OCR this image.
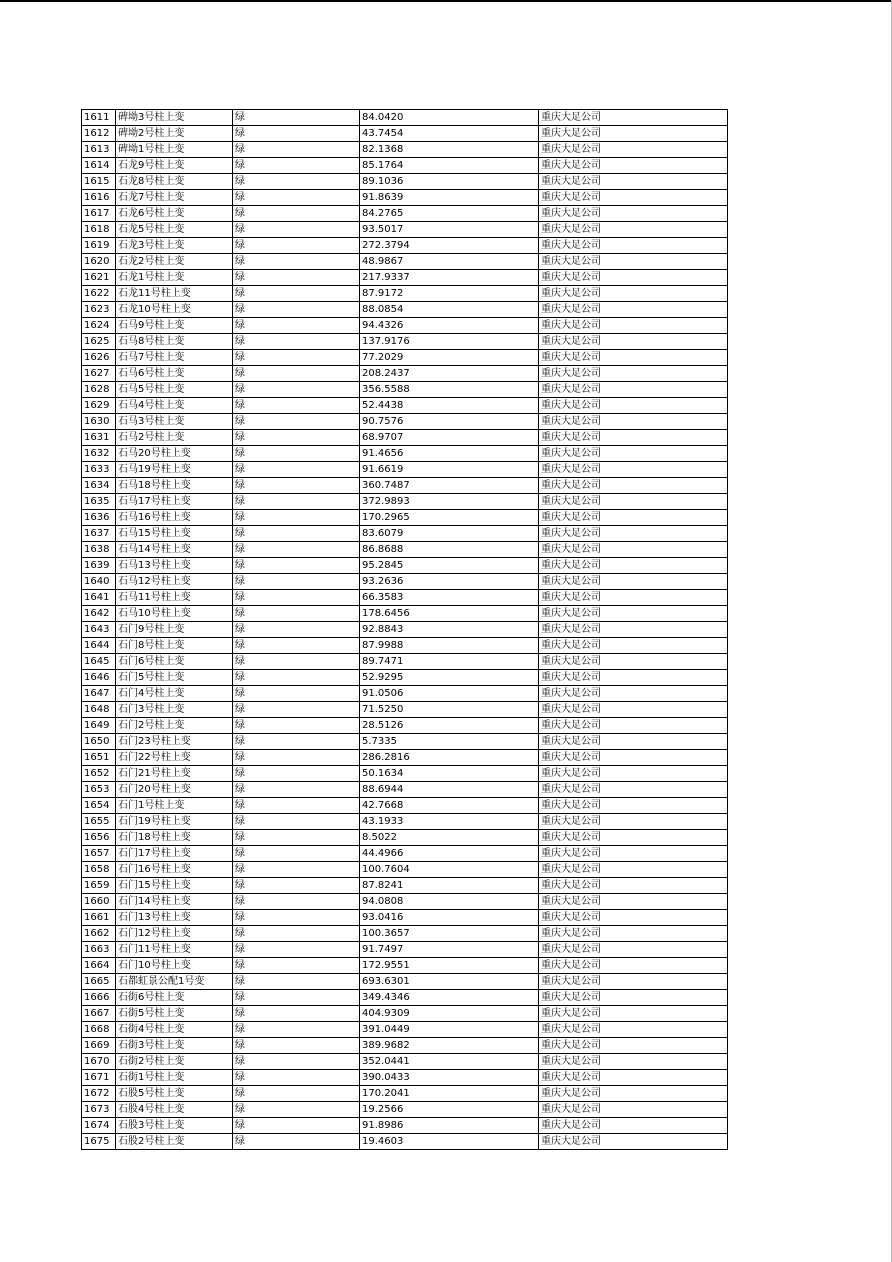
1611	碑坳3号柱上变	绿	84.0420	重庆大足公司
1612	碑坳2号柱上变	绿	43.7454	重庆大足公司
1613	碑坳1号柱上变	绿	82.1368	重庆大足公司
1614	石龙9号柱上变	绿	85.1764	重庆大足公司
1615	石龙8号柱上变	绿	89.1036	重庆大足公司
1616	石龙7号柱上变	绿	91.8639	重庆大足公司
1617	石龙6号柱上变	绿	84.2765	重庆大足公司
1618	石龙5号柱上变	绿	93.5017	重庆大足公司
1619	石龙3号柱上变	绿	272.3794	重庆大足公司
1620	石龙2号柱上变	绿	48.9867	重庆大足公司
1621	石龙1号柱上变	绿	217.9337	重庆大足公司
1622	石龙11号柱上变	绿	87.9172	重庆大足公司
1623	石龙10号柱上变	绿	88.0854	重庆大足公司
1624	石马9号柱上变	绿	94.4326	重庆大足公司
1625	石马8号柱上变	绿	137.9176	重庆大足公司
1626	石马7号柱上变	绿	77.2029	重庆大足公司
1627	石马6号柱上变	绿	208.2437	重庆大足公司
1628	石马5号柱上变	绿	356.5588	重庆大足公司
1629	石马4号柱上变	绿	52.4438	重庆大足公司
1630	石马3号柱上变	绿	90.7576	重庆大足公司
1631	石马2号柱上变	绿	68.9707	重庆大足公司
1632	石马20号柱上变	绿	91.4656	重庆大足公司
1633	石马19号柱上变	绿	91.6619	重庆大足公司
1634	石马18号柱上变	绿	360.7487	重庆大足公司
1635	石马17号柱上变	绿	372.9893	重庆大足公司
1636	石马16号柱上变	绿	170.2965	重庆大足公司
1637	石马15号柱上变	绿	83.6079	重庆大足公司
1638	石马14号柱上变	绿	86.8688	重庆大足公司
1639	石马13号柱上变	绿	95.2845	重庆大足公司
1640	石马12号柱上变	绿	93.2636	重庆大足公司
1641	石马11号柱上变	绿	66.3583	重庆大足公司
1642	石马10号柱上变	绿	178.6456	重庆大足公司
1643	石门9号柱上变	绿	92.8843	重庆大足公司
1644	石门8号柱上变	绿	87.9988	重庆大足公司
1645	石门6号柱上变	绿	89.7471	重庆大足公司
1646	石门5号柱上变	绿	52.9295	重庆大足公司
1647	石门4号柱上变	绿	91.0506	重庆大足公司
1648	石门3号柱上变	绿	71.5250	重庆大足公司
1649	石门2号柱上变	绿	28.5126	重庆大足公司
1650	石门23号柱上变	绿	5.7335	重庆大足公司
1651	石门22号柱上变	绿	286.2816	重庆大足公司
1652	石门21号柱上变	绿	50.1634	重庆大足公司
1653	石门20号柱上变	绿	88.6944	重庆大足公司
1654	石门1号柱上变	绿	42.7668	重庆大足公司
1655	石门19号柱上变	绿	43.1933	重庆大足公司
1656	石门18号柱上变	绿	8.5022	重庆大足公司
1657	石门17号柱上变	绿	44.4966	重庆大足公司
1658	石门16号柱上变	绿	100.7604	重庆大足公司
1659	石门15号柱上变	绿	87.8241	重庆大足公司
1660	石门14号柱上变	绿	94.0808	重庆大足公司
1661	石门13号柱上变	绿	93.0416	重庆大足公司
1662	石门12号柱上变	绿	100.3657	重庆大足公司
1663	石门11号柱上变	绿	91.7497	重庆大足公司
1664	石门10号柱上变	绿	172.9551	重庆大足公司
1665	石都虹景公配1号变	绿	693.6301	重庆大足公司
1666	石街6号柱上变	绿	349.4346	重庆大足公司
1667	石街5号柱上变	绿	404.9309	重庆大足公司
1668	石街4号柱上变	绿	391.0449	重庆大足公司
1669	石街3号柱上变	绿	389.9682	重庆大足公司
1670	石街2号柱上变	绿	352.0441	重庆大足公司
1671	石街1号柱上变	绿	390.0433	重庆大足公司
1672	石股5号柱上变	绿	170.2041	重庆大足公司
1673	石股4号柱上变	绿	19.2566	重庆大足公司
1674	石股3号柱上变	绿	91.8986	重庆大足公司
1675	石股2号柱上变	绿	19.4603	重庆大足公司
